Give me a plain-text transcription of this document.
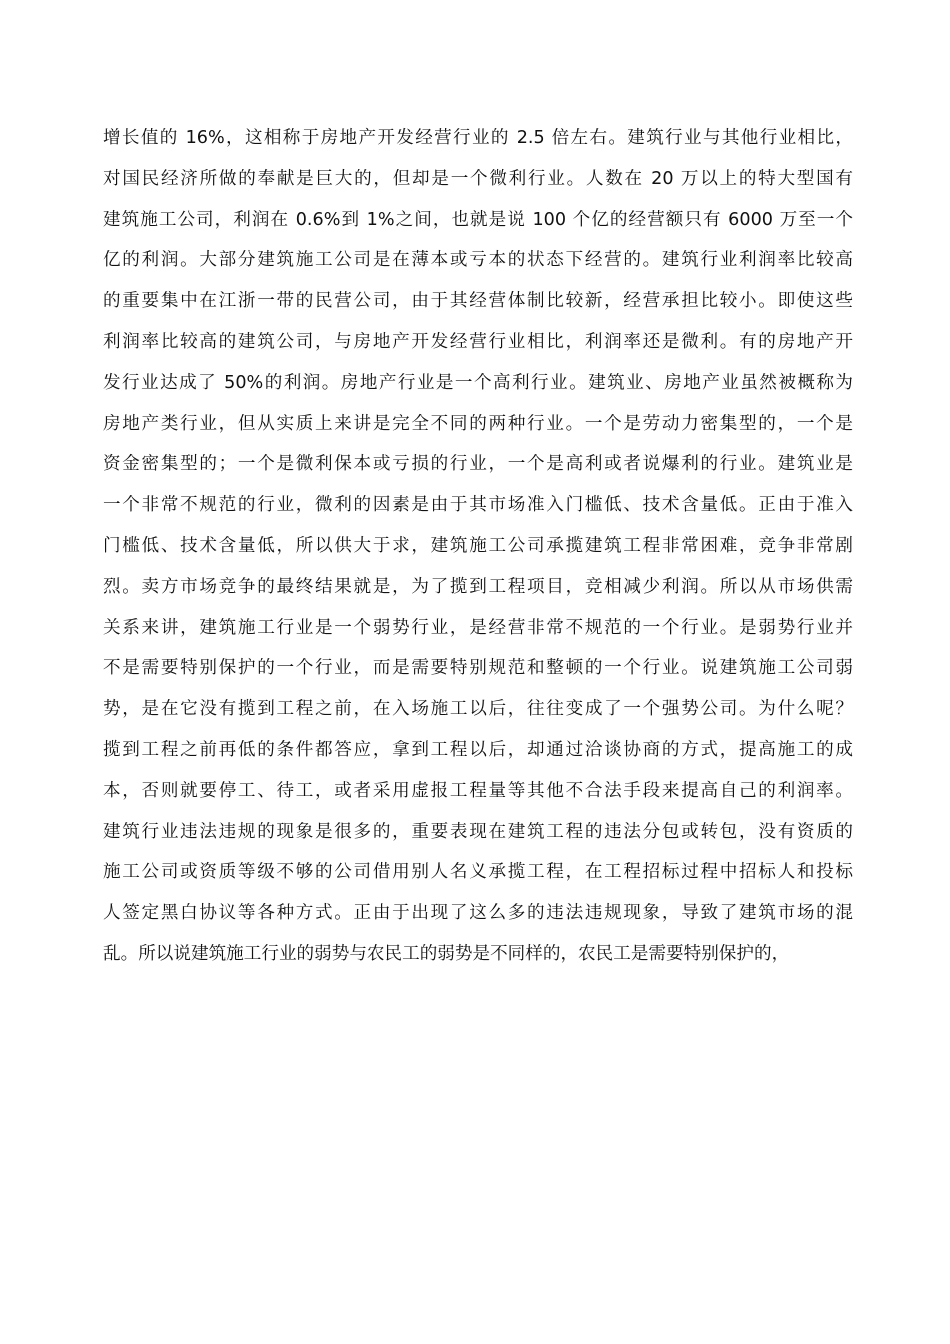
增长值的 16%，这相称于房地产开发经营行业的 2.5 倍左右。建筑行业与其他行业相比，
对国民经济所做的奉献是巨大的，但却是一个微利行业。人数在 20 万以上的特大型国有
建筑施工公司，利润在 0.6%到 1%之间，也就是说 100 个亿的经营额只有 6000 万至一个
亿的利润。大部分建筑施工公司是在薄本或亏本的状态下经营的。建筑行业利润率比较高
的重要集中在江浙一带的民营公司，由于其经营体制比较新，经营承担比较小。即使这些
利润率比较高的建筑公司，与房地产开发经营行业相比，利润率还是微利。有的房地产开
发行业达成了 50%的利润。房地产行业是一个高利行业。建筑业、房地产业虽然被概称为
房地产类行业，但从实质上来讲是完全不同的两种行业。一个是劳动力密集型的，一个是
资金密集型的；一个是微利保本或亏损的行业，一个是高利或者说爆利的行业。建筑业是
一个非常不规范的行业，微利的因素是由于其市场准入门槛低、技术含量低。正由于准入
门槛低、技术含量低，所以供大于求，建筑施工公司承揽建筑工程非常困难，竞争非常剧
烈。卖方市场竞争的最终结果就是，为了揽到工程项目，竞相减少利润。所以从市场供需
关系来讲，建筑施工行业是一个弱势行业，是经营非常不规范的一个行业。是弱势行业并
不是需要特别保护的一个行业，而是需要特别规范和整顿的一个行业。说建筑施工公司弱
势，是在它没有揽到工程之前，在入场施工以后，往往变成了一个强势公司。为什么呢？
揽到工程之前再低的条件都答应，拿到工程以后，却通过洽谈协商的方式，提高施工的成
本，否则就要停工、待工，或者采用虚报工程量等其他不合法手段来提高自己的利润率。
建筑行业违法违规的现象是很多的，重要表现在建筑工程的违法分包或转包，没有资质的
施工公司或资质等级不够的公司借用别人名义承揽工程，在工程招标过程中招标人和投标
人签定黑白协议等各种方式。正由于出现了这么多的违法违规现象，导致了建筑市场的混
乱。所以说建筑施工行业的弱势与农民工的弱势是不同样的，农民工是需要特别保护的，
